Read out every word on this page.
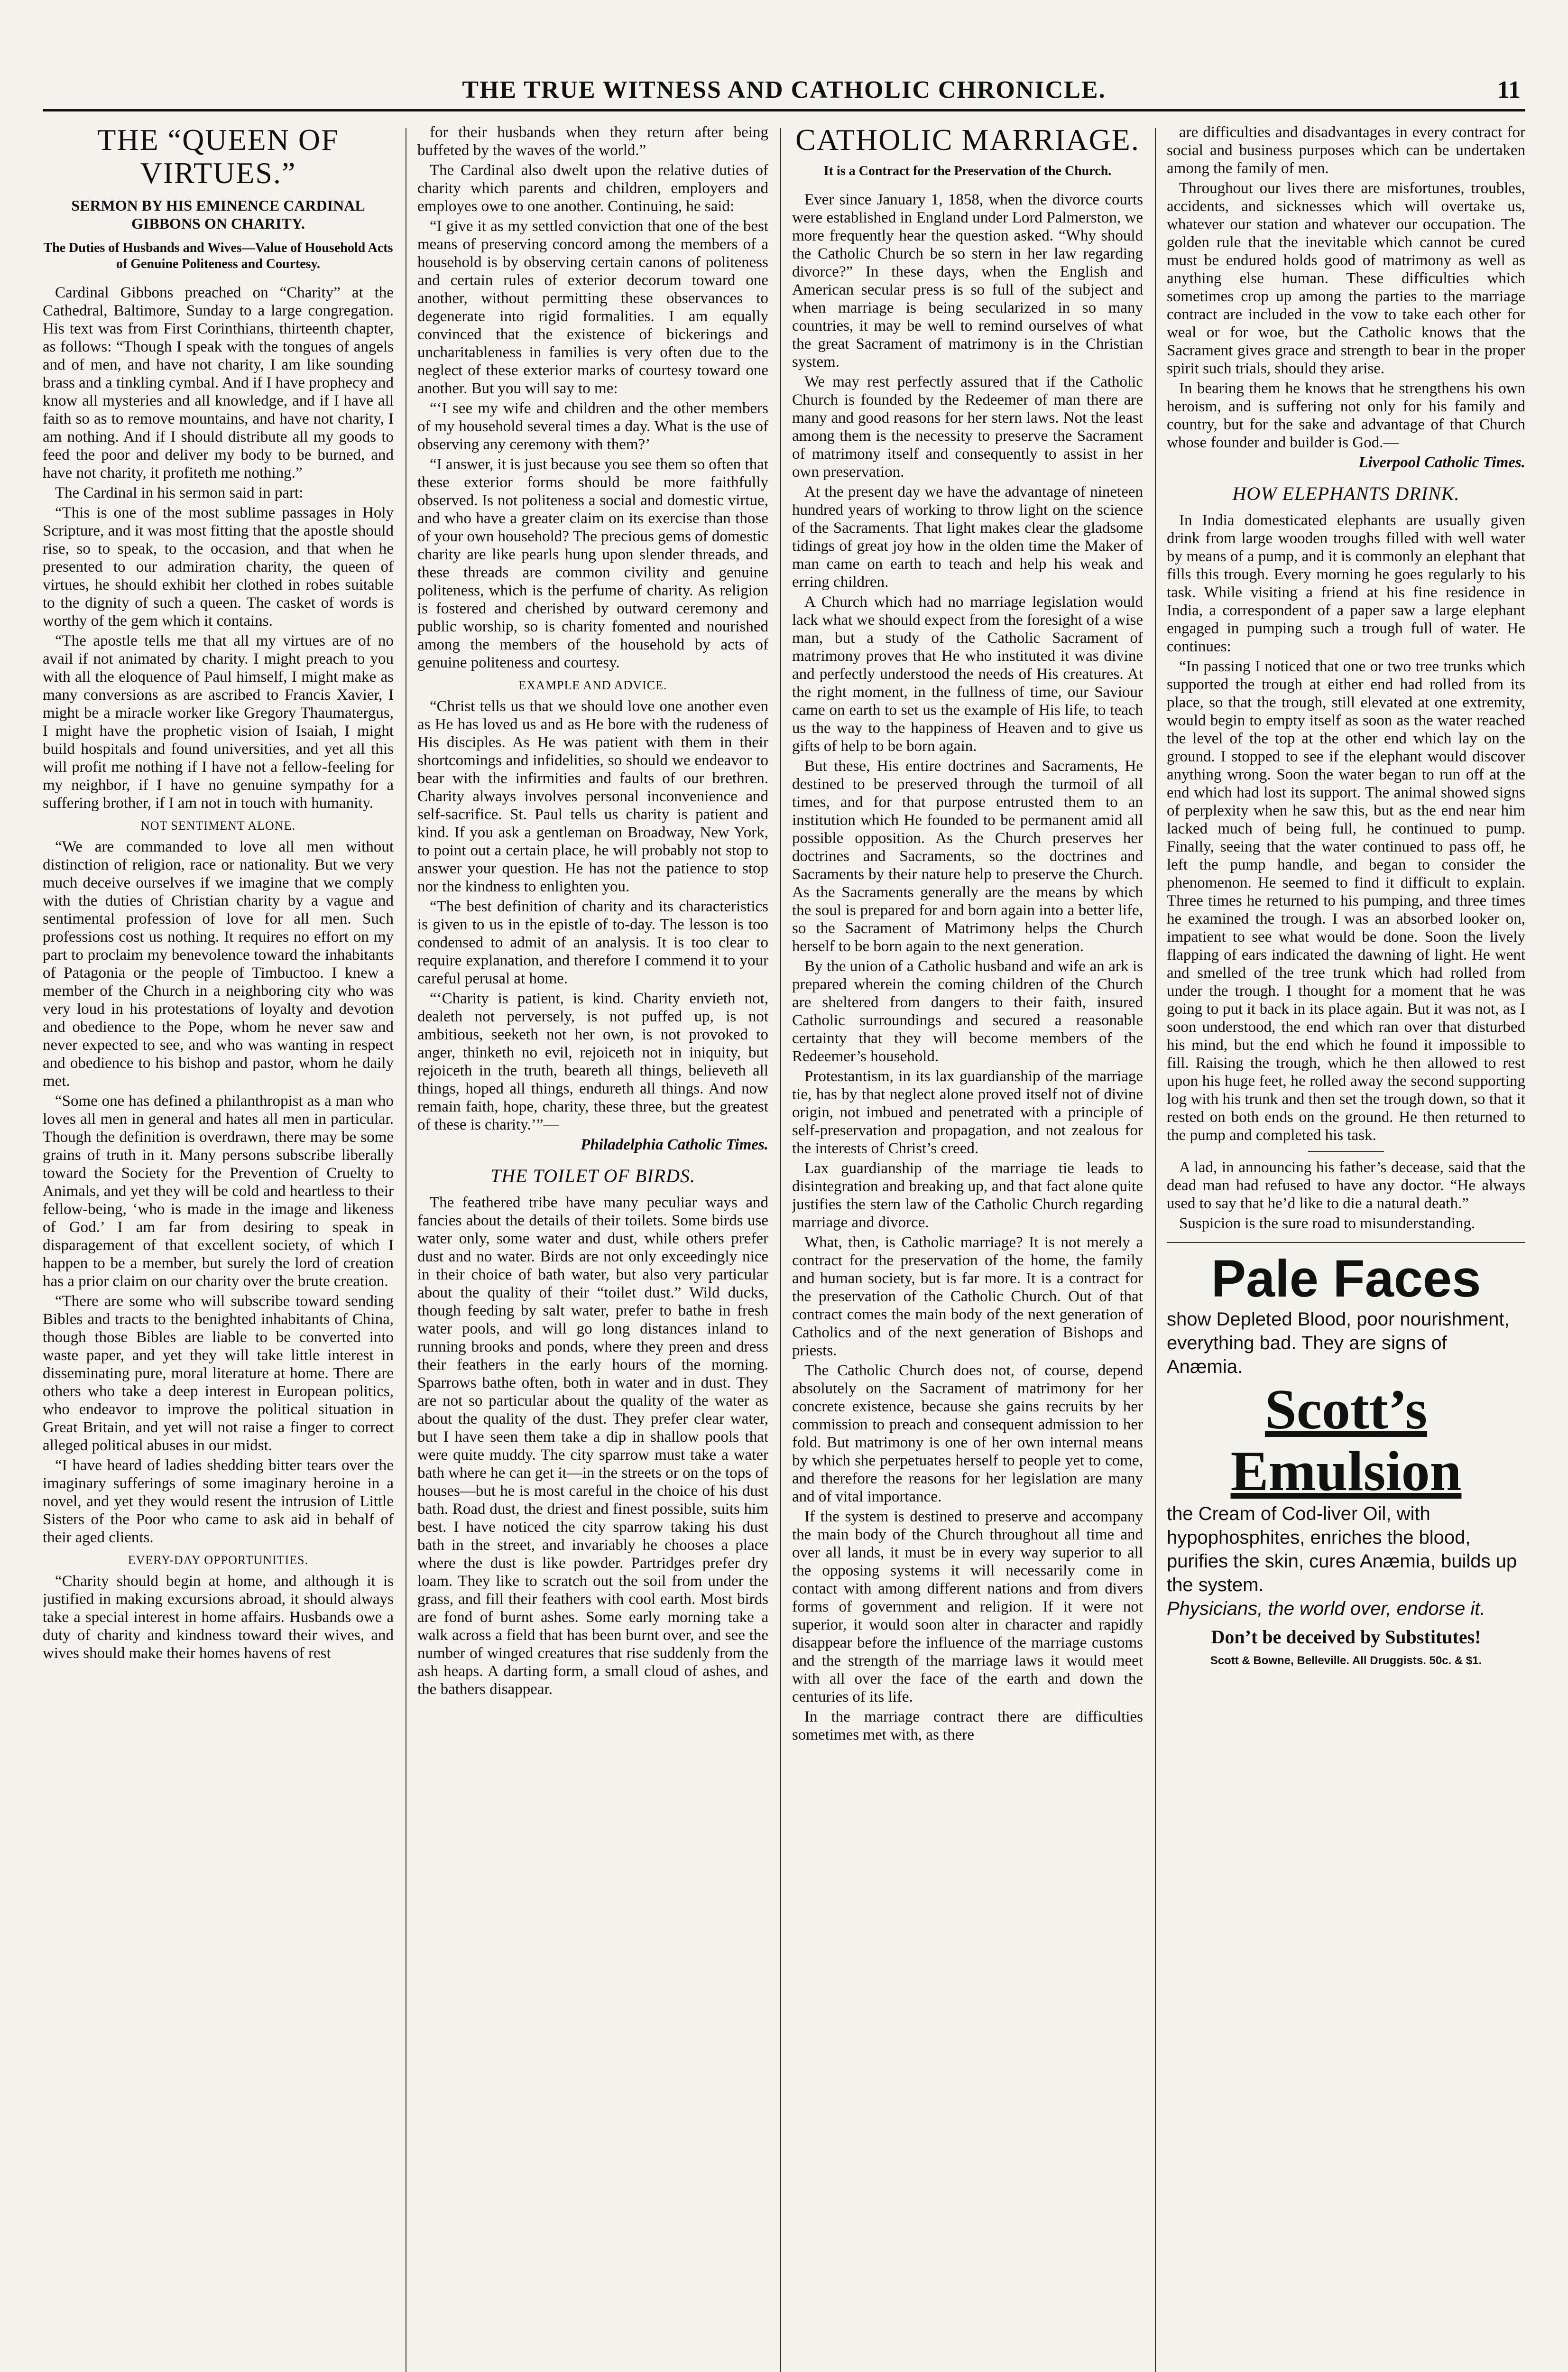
THE TRUE WITNESS AND CATHOLIC CHRONICLE.	11
THE “QUEEN OF VIRTUES.”
SERMON BY HIS EMINENCE CARDINAL GIBBONS ON CHARITY.
The Duties of Husbands and Wives—Value of Household Acts of Genuine Politeness and Courtesy.

Cardinal Gibbons preached on “Charity” at the Cathedral, Baltimore, Sunday to a large congregation. His text was from First Corinthians, thirteenth chapter, as follows: “Though I speak with the tongues of angels and of men, and have not charity, I am like sounding brass and a tinkling cymbal. And if I have prophecy and know all mysteries and all knowledge, and if I have all faith so as to remove mountains, and have not charity, I am nothing. And if I should distribute all my goods to feed the poor and deliver my body to be burned, and have not charity, it profiteth me nothing.”

The Cardinal in his sermon said in part:

“This is one of the most sublime passages in Holy Scripture, and it was most fitting that the apostle should rise, so to speak, to the occasion, and that when he presented to our admiration charity, the queen of virtues, he should exhibit her clothed in robes suitable to the dignity of such a queen. The casket of words is worthy of the gem which it contains.

“The apostle tells me that all my virtues are of no avail if not animated by charity. I might preach to you with all the eloquence of Paul himself, I might make as many conversions as are ascribed to Francis Xavier, I might be a miracle worker like Gregory Thaumatergus, I might have the prophetic vision of Isaiah, I might build hospitals and found universities, and yet all this will profit me nothing if I have not a fellow-feeling for my neighbor, if I have no genuine sympathy for a suffering brother, if I am not in touch with humanity.

NOT SENTIMENT ALONE.

“We are commanded to love all men without distinction of religion, race or nationality. But we very much deceive ourselves if we imagine that we comply with the duties of Christian charity by a vague and sentimental profession of love for all men. Such professions cost us nothing. It requires no effort on my part to proclaim my benevolence toward the inhabitants of Patagonia or the people of Timbuctoo. I knew a member of the Church in a neighboring city who was very loud in his protestations of loyalty and devotion and obedience to the Pope, whom he never saw and never expected to see, and who was wanting in respect and obedience to his bishop and pastor, whom he daily met.

“Some one has defined a philanthropist as a man who loves all men in general and hates all men in particular. Though the definition is overdrawn, there may be some grains of truth in it. Many persons subscribe liberally toward the Society for the Prevention of Cruelty to Animals, and yet they will be cold and heartless to their fellow-being, ‘who is made in the image and likeness of God.’ I am far from desiring to speak in disparagement of that excellent society, of which I happen to be a member, but surely the lord of creation has a prior claim on our charity over the brute creation.

“There are some who will subscribe toward sending Bibles and tracts to the benighted inhabitants of China, though those Bibles are liable to be converted into waste paper, and yet they will take little interest in disseminating pure, moral literature at home. There are others who take a deep interest in European politics, who endeavor to improve the political situation in Great Britain, and yet will not raise a finger to correct alleged political abuses in our midst.

“I have heard of ladies shedding bitter tears over the imaginary sufferings of some imaginary heroine in a novel, and yet they would resent the intrusion of Little Sisters of the Poor who came to ask aid in behalf of their aged clients.

EVERY-DAY OPPORTUNITIES.

“Charity should begin at home, and although it is justified in making excursions abroad, it should always take a special interest in home affairs. Husbands owe a duty of charity and kindness toward their wives, and wives should make their homes havens of rest

for their husbands when they return after being buffeted by the waves of the world.”

The Cardinal also dwelt upon the relative duties of charity which parents and children, employers and employes owe to one another. Continuing, he said:

“I give it as my settled conviction that one of the best means of preserving concord among the members of a household is by observing certain canons of politeness and certain rules of exterior decorum toward one another, without permitting these observances to degenerate into rigid formalities. I am equally convinced that the existence of bickerings and uncharitableness in families is very often due to the neglect of these exterior marks of courtesy toward one another. But you will say to me:

“‘I see my wife and children and the other members of my household several times a day. What is the use of observing any ceremony with them?’

“I answer, it is just because you see them so often that these exterior forms should be more faithfully observed. Is not politeness a social and domestic virtue, and who have a greater claim on its exercise than those of your own household? The precious gems of domestic charity are like pearls hung upon slender threads, and these threads are common civility and genuine politeness, which is the perfume of charity. As religion is fostered and cherished by outward ceremony and public worship, so is charity fomented and nourished among the members of the household by acts of genuine politeness and courtesy.

EXAMPLE AND ADVICE.

“Christ tells us that we should love one another even as He has loved us and as He bore with the rudeness of His disciples. As He was patient with them in their shortcomings and infidelities, so should we endeavor to bear with the infirmities and faults of our brethren. Charity always involves personal inconvenience and self-sacrifice. St. Paul tells us charity is patient and kind. If you ask a gentleman on Broadway, New York, to point out a certain place, he will probably not stop to answer your question. He has not the patience to stop nor the kindness to enlighten you.

“The best definition of charity and its characteristics is given to us in the epistle of to-day. The lesson is too condensed to admit of an analysis. It is too clear to require explanation, and therefore I commend it to your careful perusal at home.

“‘Charity is patient, is kind. Charity envieth not, dealeth not perversely, is not puffed up, is not ambitious, seeketh not her own, is not provoked to anger, thinketh no evil, rejoiceth not in iniquity, but rejoiceth in the truth, beareth all things, believeth all things, hoped all things, endureth all things. And now remain faith, hope, charity, these three, but the greatest of these is charity.’”—

Philadelphia Catholic Times.
THE TOILET OF BIRDS.

The feathered tribe have many peculiar ways and fancies about the details of their toilets. Some birds use water only, some water and dust, while others prefer dust and no water. Birds are not only exceedingly nice in their choice of bath water, but also very particular about the quality of their “toilet dust.” Wild ducks, though feeding by salt water, prefer to bathe in fresh water pools, and will go long distances inland to running brooks and ponds, where they preen and dress their feathers in the early hours of the morning. Sparrows bathe often, both in water and in dust. They are not so particular about the quality of the water as about the quality of the dust. They prefer clear water, but I have seen them take a dip in shallow pools that were quite muddy. The city sparrow must take a water bath where he can get it—in the streets or on the tops of houses—but he is most careful in the choice of his dust bath. Road dust, the driest and finest possible, suits him best. I have noticed the city sparrow taking his dust bath in the street, and invariably he chooses a place where the dust is like powder. Partridges prefer dry loam. They like to scratch out the soil from under the grass, and fill their feathers with cool earth. Most birds are fond of burnt ashes. Some early morning take a walk across a field that has been burnt over, and see the number of winged creatures that rise suddenly from the ash heaps. A darting form, a small cloud of ashes, and the bathers disappear.

CATHOLIC MARRIAGE.
It is a Contract for the Preservation of the Church.

Ever since January 1, 1858, when the divorce courts were established in England under Lord Palmerston, we more frequently hear the question asked. “Why should the Catholic Church be so stern in her law regarding divorce?” In these days, when the English and American secular press is so full of the subject and when marriage is being secularized in so many countries, it may be well to remind ourselves of what the great Sacrament of matrimony is in the Christian system.

We may rest perfectly assured that if the Catholic Church is founded by the Redeemer of man there are many and good reasons for her stern laws. Not the least among them is the necessity to preserve the Sacrament of matrimony itself and consequently to assist in her own preservation.

At the present day we have the advantage of nineteen hundred years of working to throw light on the science of the Sacraments. That light makes clear the gladsome tidings of great joy how in the olden time the Maker of man came on earth to teach and help his weak and erring children.

A Church which had no marriage legislation would lack what we should expect from the foresight of a wise man, but a study of the Catholic Sacrament of matrimony proves that He who instituted it was divine and perfectly understood the needs of His creatures. At the right moment, in the fullness of time, our Saviour came on earth to set us the example of His life, to teach us the way to the happiness of Heaven and to give us gifts of help to be born again.

But these, His entire doctrines and Sacraments, He destined to be preserved through the turmoil of all times, and for that purpose entrusted them to an institution which He founded to be permanent amid all possible opposition. As the Church preserves her doctrines and Sacraments, so the doctrines and Sacraments by their nature help to preserve the Church. As the Sacraments generally are the means by which the soul is prepared for and born again into a better life, so the Sacrament of Matrimony helps the Church herself to be born again to the next generation.

By the union of a Catholic husband and wife an ark is prepared wherein the coming children of the Church are sheltered from dangers to their faith, insured Catholic surroundings and secured a reasonable certainty that they will become members of the Redeemer’s household.

Protestantism, in its lax guardianship of the marriage tie, has by that neglect alone proved itself not of divine origin, not imbued and penetrated with a principle of self-preservation and propagation, and not zealous for the interests of Christ’s creed.

Lax guardianship of the marriage tie leads to disintegration and breaking up, and that fact alone quite justifies the stern law of the Catholic Church regarding marriage and divorce.

What, then, is Catholic marriage? It is not merely a contract for the preservation of the home, the family and human society, but is far more. It is a contract for the preservation of the Catholic Church. Out of that contract comes the main body of the next generation of Catholics and of the next generation of Bishops and priests.

The Catholic Church does not, of course, depend absolutely on the Sacrament of matrimony for her concrete existence, because she gains recruits by her commission to preach and consequent admission to her fold. But matrimony is one of her own internal means by which she perpetuates herself to people yet to come, and therefore the reasons for her legislation are many and of vital importance.

If the system is destined to preserve and accompany the main body of the Church throughout all time and over all lands, it must be in every way superior to all the opposing systems it will necessarily come in contact with among different nations and from divers forms of government and religion. If it were not superior, it would soon alter in character and rapidly disappear before the influence of the marriage customs and the strength of the marriage laws it would meet with all over the face of the earth and down the centuries of its life.

In the marriage contract there are difficulties sometimes met with, as there

are difficulties and disadvantages in every contract for social and business purposes which can be undertaken among the family of men.

Throughout our lives there are misfortunes, troubles, accidents, and sicknesses which will overtake us, whatever our station and whatever our occupation. The golden rule that the inevitable which cannot be cured must be endured holds good of matrimony as well as anything else human. These difficulties which sometimes crop up among the parties to the marriage contract are included in the vow to take each other for weal or for woe, but the Catholic knows that the Sacrament gives grace and strength to bear in the proper spirit such trials, should they arise.

In bearing them he knows that he strengthens his own heroism, and is suffering not only for his family and country, but for the sake and advantage of that Church whose founder and builder is God.—

Liverpool Catholic Times.
HOW ELEPHANTS DRINK.

In India domesticated elephants are usually given drink from large wooden troughs filled with well water by means of a pump, and it is commonly an elephant that fills this trough. Every morning he goes regularly to his task. While visiting a friend at his fine residence in India, a correspondent of a paper saw a large elephant engaged in pumping such a trough full of water. He continues:

“In passing I noticed that one or two tree trunks which supported the trough at either end had rolled from its place, so that the trough, still elevated at one extremity, would begin to empty itself as soon as the water reached the level of the top at the other end which lay on the ground. I stopped to see if the elephant would discover anything wrong. Soon the water began to run off at the end which had lost its support. The animal showed signs of perplexity when he saw this, but as the end near him lacked much of being full, he continued to pump. Finally, seeing that the water continued to pass off, he left the pump handle, and began to consider the phenomenon. He seemed to find it difficult to explain. Three times he returned to his pumping, and three times he examined the trough. I was an absorbed looker on, impatient to see what would be done. Soon the lively flapping of ears indicated the dawning of light. He went and smelled of the tree trunk which had rolled from under the trough. I thought for a moment that he was going to put it back in its place again. But it was not, as I soon understood, the end which ran over that disturbed his mind, but the end which he found it impossible to fill. Raising the trough, which he then allowed to rest upon his huge feet, he rolled away the second supporting log with his trunk and then set the trough down, so that it rested on both ends on the ground. He then returned to the pump and completed his task.

A lad, in announcing his father’s decease, said that the dead man had refused to have any doctor. “He always used to say that he’d like to die a natural death.”

Suspicion is the sure road to misunderstanding.

Pale Faces
show Depleted Blood, poor nourishment, everything bad. They are signs of Anæmia.
Scott’s
Emulsion
the Cream of Cod-liver Oil, with hypophosphites, enriches the blood, purifies the skin, cures Anæmia, builds up the system.
Physicians, the world over, endorse it.
Don’t be deceived by Substitutes!
Scott & Bowne, Belleville. All Druggists. 50c. & $1.
